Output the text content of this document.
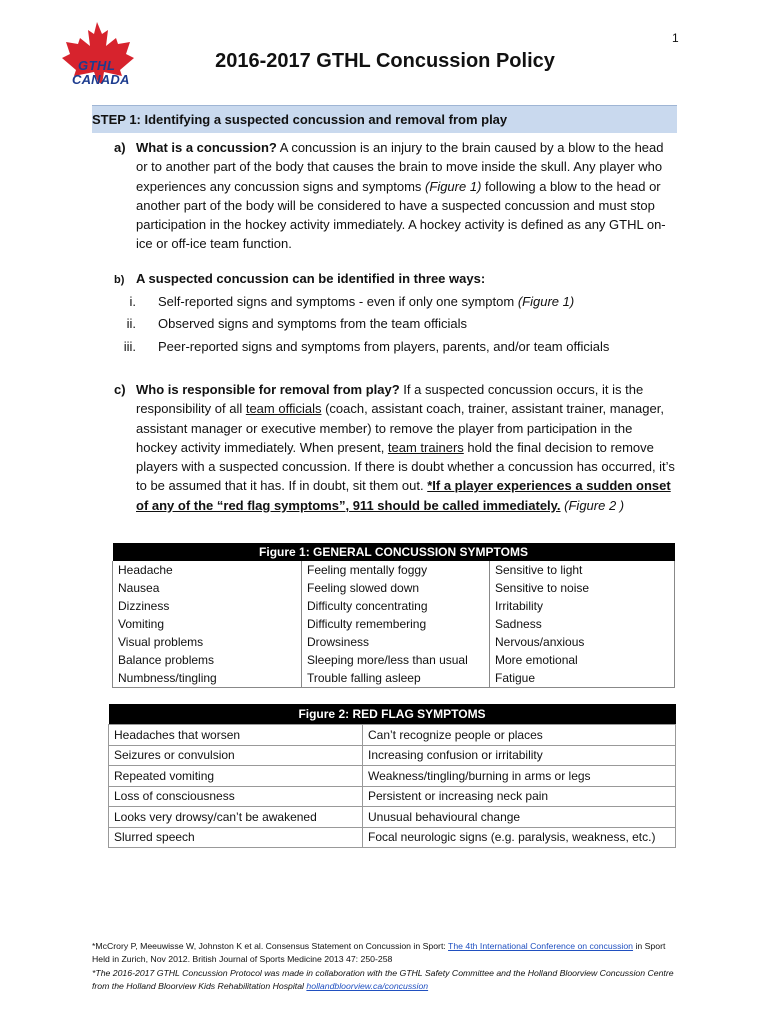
1
GTHL
CANADA
2016-2017 GTHL Concussion Policy
STEP 1: Identifying a suspected concussion and removal from play
a) What is a concussion? A concussion is an injury to the brain caused by a blow to the head or to another part of the body that causes the brain to move inside the skull. Any player who experiences any concussion signs and symptoms (Figure 1) following a blow to the head or another part of the body will be considered to have a suspected concussion and must stop participation in the hockey activity immediately. A hockey activity is defined as any GTHL on-ice or off-ice team function.
b) A suspected concussion can be identified in three ways:
i. Self-reported signs and symptoms - even if only one symptom (Figure 1)
ii. Observed signs and symptoms from the team officials
iii. Peer-reported signs and symptoms from players, parents, and/or team officials
c) Who is responsible for removal from play? If a suspected concussion occurs, it is the responsibility of all team officials (coach, assistant coach, trainer, assistant trainer, manager, assistant manager or executive member) to remove the player from participation in the hockey activity immediately. When present, team trainers hold the final decision to remove players with a suspected concussion. If there is doubt whether a concussion has occurred, it’s to be assumed that it has. If in doubt, sit them out. *If a player experiences a sudden onset of any of the “red flag symptoms”, 911 should be called immediately. (Figure 2 )
Figure 1: GENERAL CONCUSSION SYMPTOMS		
Headache	Feeling mentally foggy	Sensitive to light
Nausea	Feeling slowed down	Sensitive to noise
Dizziness	Difficulty concentrating	Irritability
Vomiting	Difficulty remembering	Sadness
Visual problems	Drowsiness	Nervous/anxious
Balance problems	Sleeping more/less than usual	More emotional
Numbness/tingling	Trouble falling asleep	Fatigue
Figure 2: RED FLAG SYMPTOMS	
Headaches that worsen	Can’t recognize people or places
Seizures or convulsion	Increasing confusion or irritability
Repeated vomiting	Weakness/tingling/burning in arms or legs
Loss of consciousness	Persistent or increasing neck pain
Looks very drowsy/can’t be awakened	Unusual behavioural change
Slurred speech	Focal neurologic signs (e.g. paralysis, weakness, etc.)
*McCrory P, Meeuwisse W, Johnston K et al. Consensus Statement on Concussion in Sport: The 4th International Conference on concussion in Sport Held in Zurich, Nov 2012. British Journal of Sports Medicine 2013 47: 250-258
*The 2016-2017 GTHL Concussion Protocol was made in collaboration with the GTHL Safety Committee and the Holland Bloorview Concussion Centre from the Holland Bloorview Kids Rehabilitation Hospital hollandbloorview.ca/concussion
